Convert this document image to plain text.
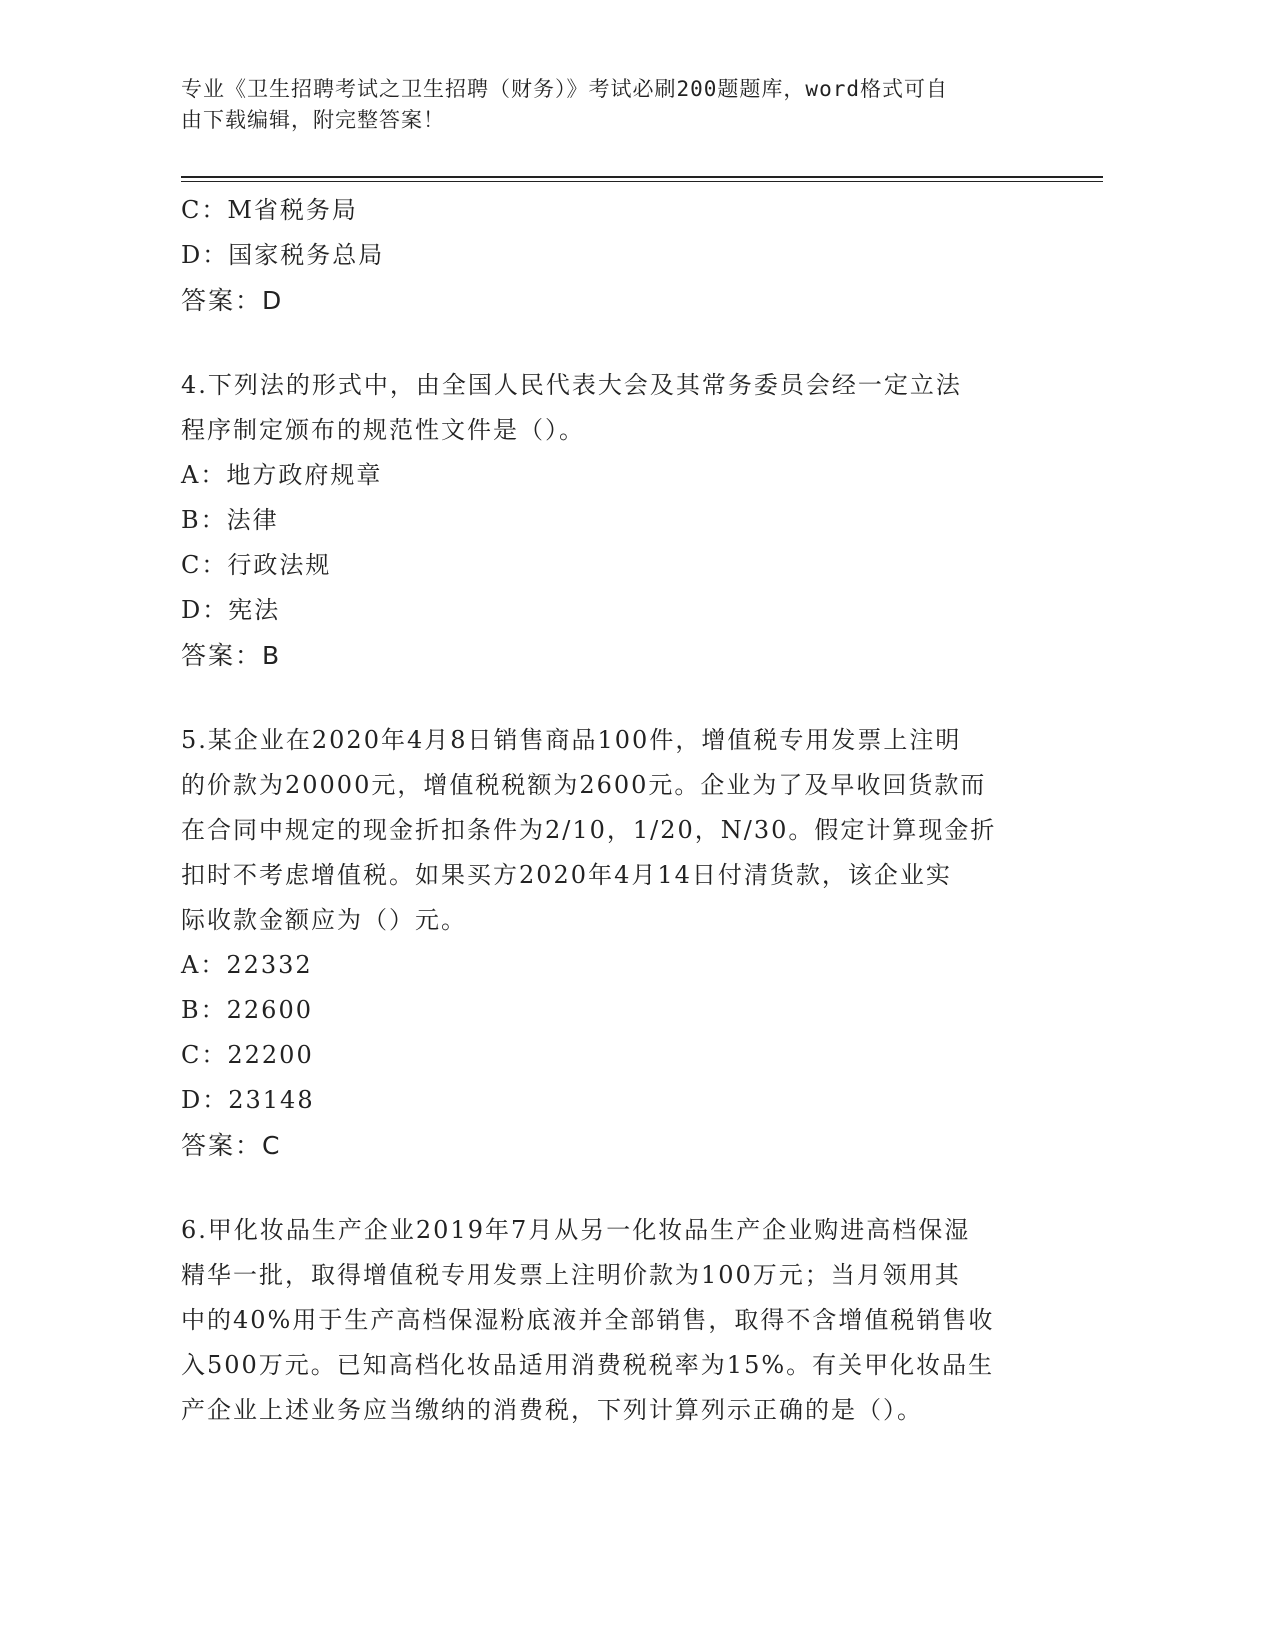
专业《卫生招聘考试之卫生招聘（财务）》考试必刷200题题库，word格式可自
由下载编辑，附完整答案！
C：M省税务局
D：国家税务总局
答案：D
4.下列法的形式中，由全国人民代表大会及其常务委员会经一定立法
程序制定颁布的规范性文件是（）。
A：地方政府规章
B：法律
C：行政法规
D：宪法
答案：B
5.某企业在2020年4月8日销售商品100件，增值税专用发票上注明
的价款为20000元，增值税税额为2600元。企业为了及早收回货款而
在合同中规定的现金折扣条件为2/10，1/20，N/30。假定计算现金折
扣时不考虑增值税。如果买方2020年4月14日付清货款，该企业实
际收款金额应为（）元。
A：22332
B：22600
C：22200
D：23148
答案：C
6.甲化妆品生产企业2019年7月从另一化妆品生产企业购进高档保湿
精华一批，取得增值税专用发票上注明价款为100万元；当月领用其
中的40%用于生产高档保湿粉底液并全部销售，取得不含增值税销售收
入500万元。已知高档化妆品适用消费税税率为15%。有关甲化妆品生
产企业上述业务应当缴纳的消费税，下列计算列示正确的是（）。
